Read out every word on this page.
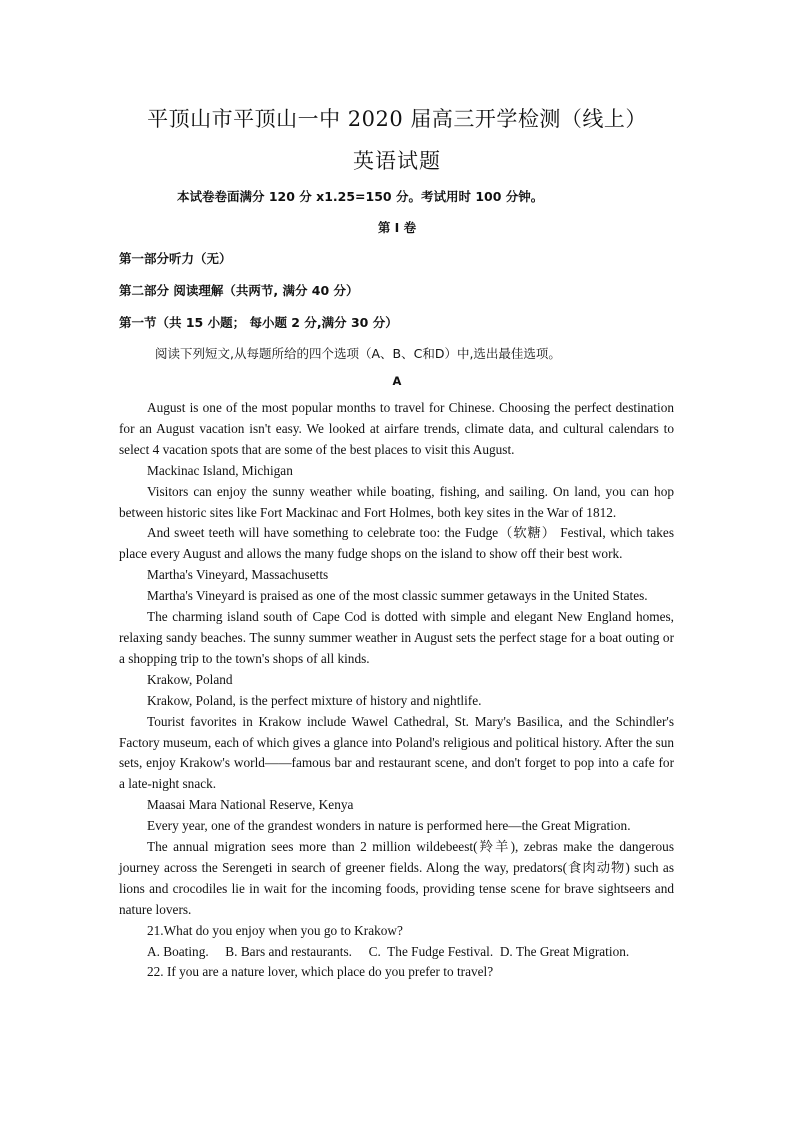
平顶山市平顶山一中 2020 届高三开学检测（线上）
英语试题
本试卷卷面满分 120 分 x1.25=150 分。考试用时 100 分钟。
第 I 卷
第一部分听力（无）
第二部分 阅读理解（共两节, 满分 40 分）
第一节（共 15 小题； 每小题 2 分,满分 30 分）
阅读下列短文,从每题所给的四个选项（A、B、C和D）中,选出最佳选项。
A

August is one of the most popular months to travel for Chinese. Choosing the perfect destination for an August vacation isn't easy. We looked at airfare trends, climate data, and cultural calendars to select 4 vacation spots that are some of the best places to visit this August.

Mackinac Island, Michigan

Visitors can enjoy the sunny weather while boating, fishing, and sailing. On land, you can hop between historic sites like Fort Mackinac and Fort Holmes, both key sites in the War of 1812.

And sweet teeth will have something to celebrate too: the Fudge（软糖） Festival, which takes place every August and allows the many fudge shops on the island to show off their best work.

Martha's Vineyard, Massachusetts

Martha's Vineyard is praised as one of the most classic summer getaways in the United States.

The charming island south of Cape Cod is dotted with simple and elegant New England homes, relaxing sandy beaches. The sunny summer weather in August sets the perfect stage for a boat outing or a shopping trip to the town's shops of all kinds.

Krakow, Poland

Krakow, Poland, is the perfect mixture of history and nightlife.

Tourist favorites in Krakow include Wawel Cathedral, St. Mary's Basilica, and the Schindler's Factory museum, each of which gives a glance into Poland's religious and political history. After the sun sets, enjoy Krakow's world——famous bar and restaurant scene, and don't forget to pop into a cafe for a late-night snack.

Maasai Mara National Reserve, Kenya

Every year, one of the grandest wonders in nature is performed here—the Great Migration.

The annual migration sees more than 2 million wildebeest(羚羊), zebras make the dangerous journey across the Serengeti in search of greener fields. Along the way, predators(食肉动物) such as lions and crocodiles lie in wait for the incoming foods, providing tense scene for brave sightseers and nature lovers.

21.What do you enjoy when you go to Krakow?

A. Boating.     B. Bars and restaurants.     C.  The Fudge Festival.  D. The Great Migration.

22. If you are a nature lover, which place do you prefer to travel?
